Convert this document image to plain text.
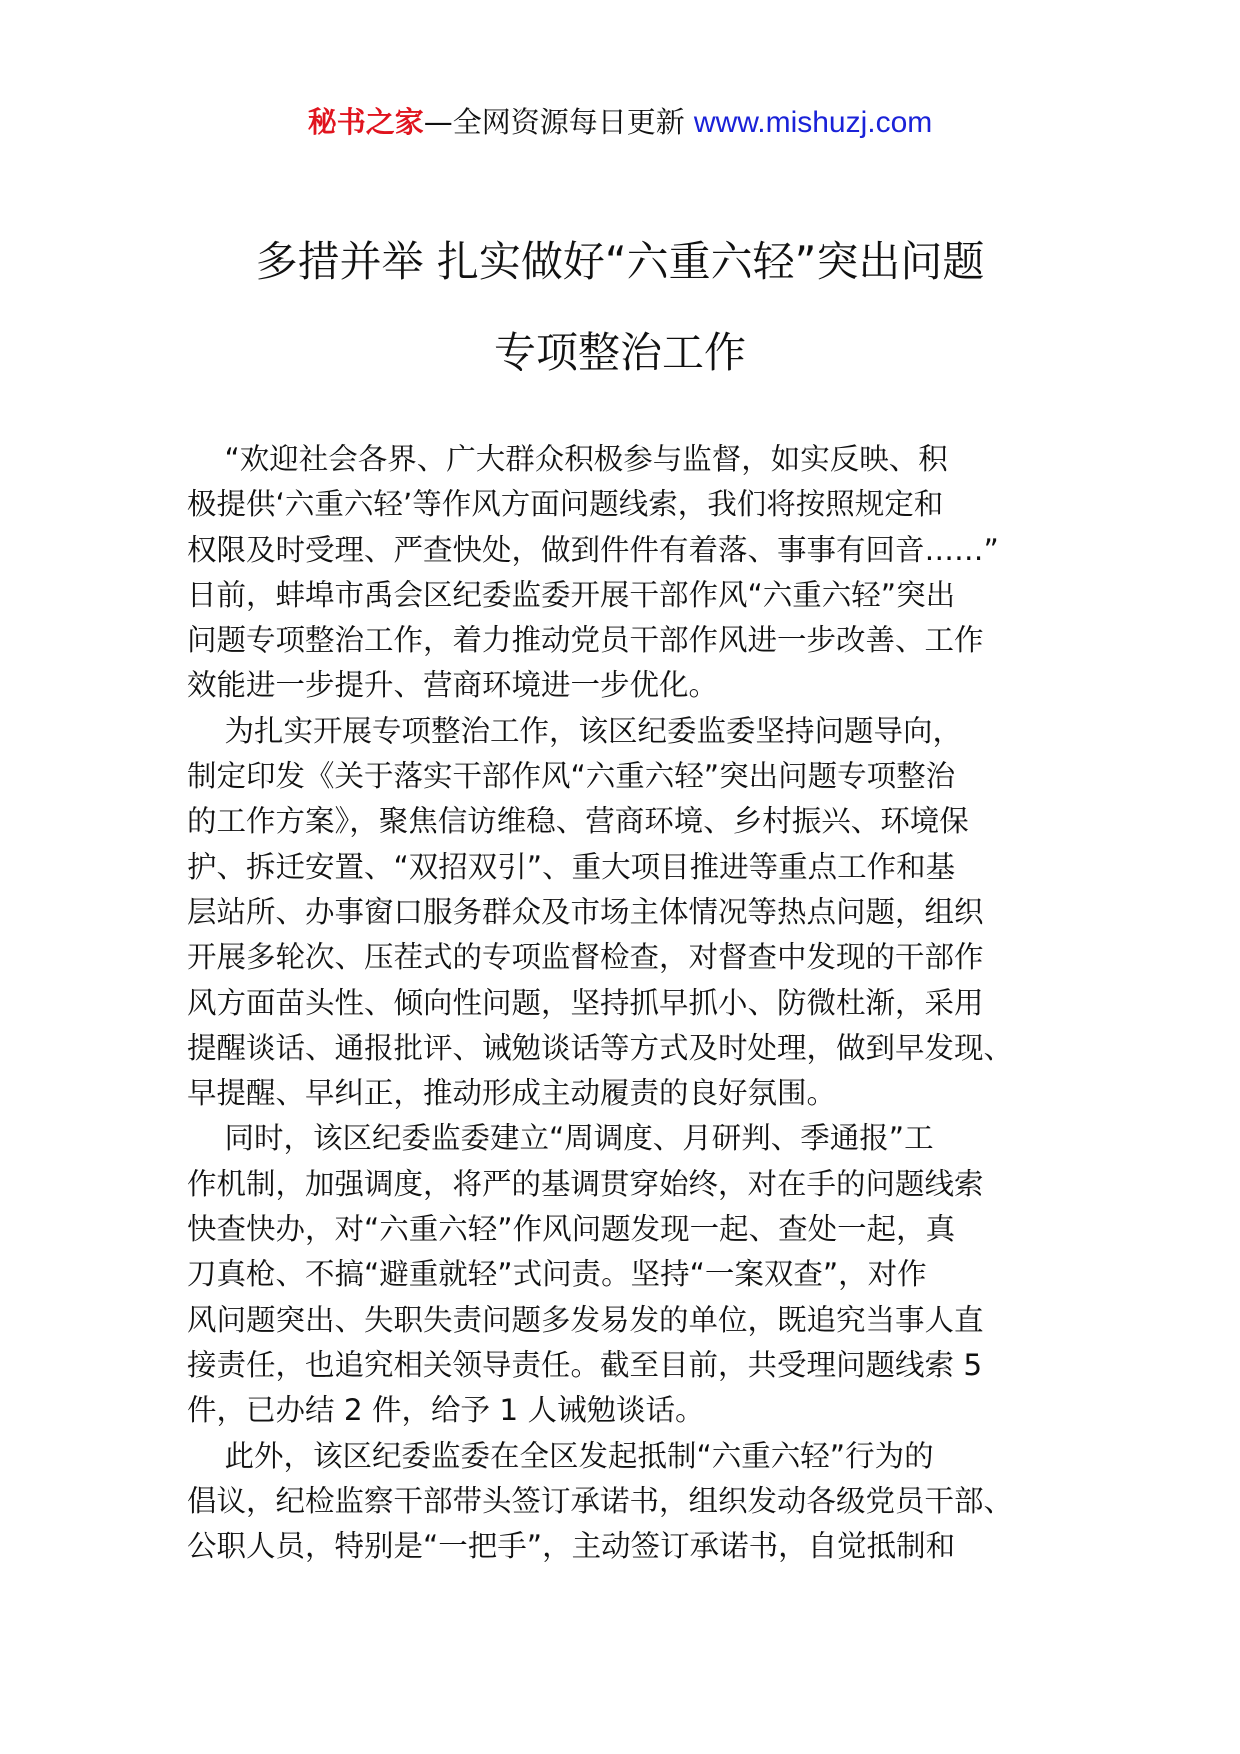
秘书之家—全网资源每日更新 www.mishuzj.com
多措并举 扎实做好“六重六轻”突出问题
专项整治工作
“欢迎社会各界、广大群众积极参与监督，如实反映、积
极提供‘六重六轻’等作风方面问题线索，我们将按照规定和
权限及时受理、严查快处，做到件件有着落、事事有回音……”
日前，蚌埠市禹会区纪委监委开展干部作风“六重六轻”突出
问题专项整治工作，着力推动党员干部作风进一步改善、工作
效能进一步提升、营商环境进一步优化。
为扎实开展专项整治工作，该区纪委监委坚持问题导向，
制定印发《关于落实干部作风“六重六轻”突出问题专项整治
的工作方案》，聚焦信访维稳、营商环境、乡村振兴、环境保
护、拆迁安置、“双招双引”、重大项目推进等重点工作和基
层站所、办事窗口服务群众及市场主体情况等热点问题，组织
开展多轮次、压茬式的专项监督检查，对督查中发现的干部作
风方面苗头性、倾向性问题，坚持抓早抓小、防微杜渐，采用
提醒谈话、通报批评、诫勉谈话等方式及时处理，做到早发现、
早提醒、早纠正，推动形成主动履责的良好氛围。
同时，该区纪委监委建立“周调度、月研判、季通报”工
作机制，加强调度，将严的基调贯穿始终，对在手的问题线索
快查快办，对“六重六轻”作风问题发现一起、查处一起，真
刀真枪、不搞“避重就轻”式问责。坚持“一案双查”，对作
风问题突出、失职失责问题多发易发的单位，既追究当事人直
接责任，也追究相关领导责任。截至目前，共受理问题线索 5
件，已办结 2 件，给予 1 人诫勉谈话。
此外，该区纪委监委在全区发起抵制“六重六轻”行为的
倡议，纪检监察干部带头签订承诺书，组织发动各级党员干部、
公职人员，特别是“一把手”，主动签订承诺书，自觉抵制和
